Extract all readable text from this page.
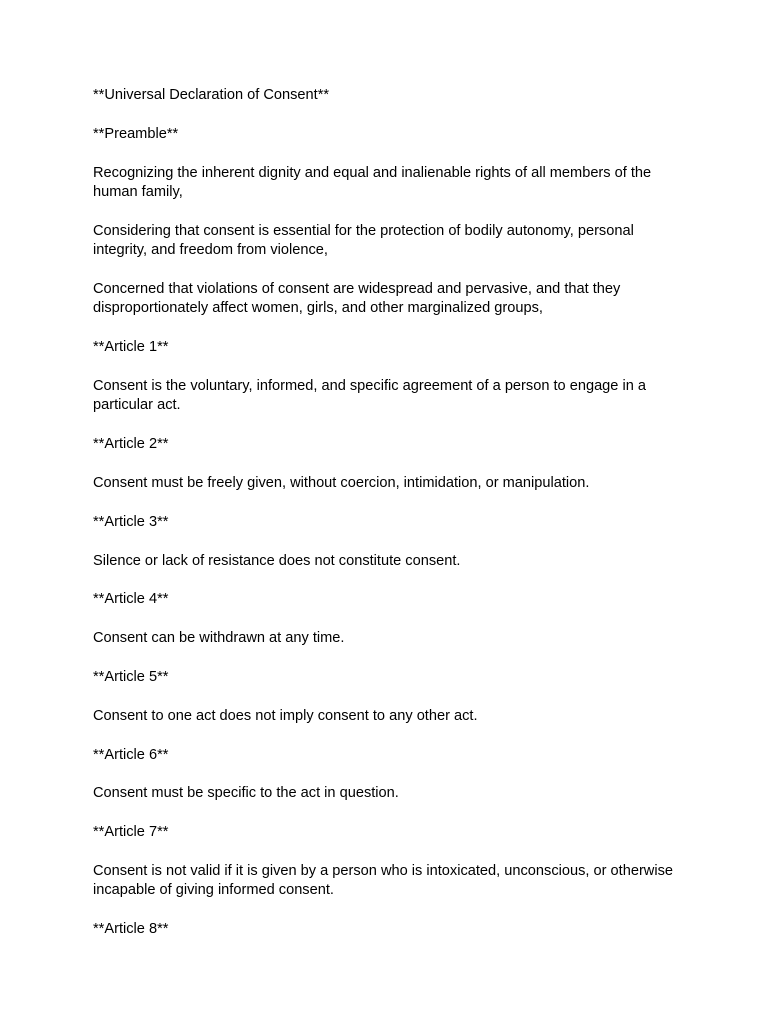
**Universal Declaration of Consent**

**Preamble**

Recognizing the inherent dignity and equal and inalienable rights of all members of the human family,

Considering that consent is essential for the protection of bodily autonomy, personal integrity, and freedom from violence,

Concerned that violations of consent are widespread and pervasive, and that they disproportionately affect women, girls, and other marginalized groups,

**Article 1**

Consent is the voluntary, informed, and specific agreement of a person to engage in a particular act.

**Article 2**

Consent must be freely given, without coercion, intimidation, or manipulation.

**Article 3**

Silence or lack of resistance does not constitute consent.

**Article 4**

Consent can be withdrawn at any time.

**Article 5**

Consent to one act does not imply consent to any other act.

**Article 6**

Consent must be specific to the act in question.

**Article 7**

Consent is not valid if it is given by a person who is intoxicated, unconscious, or otherwise incapable of giving informed consent.

**Article 8**
